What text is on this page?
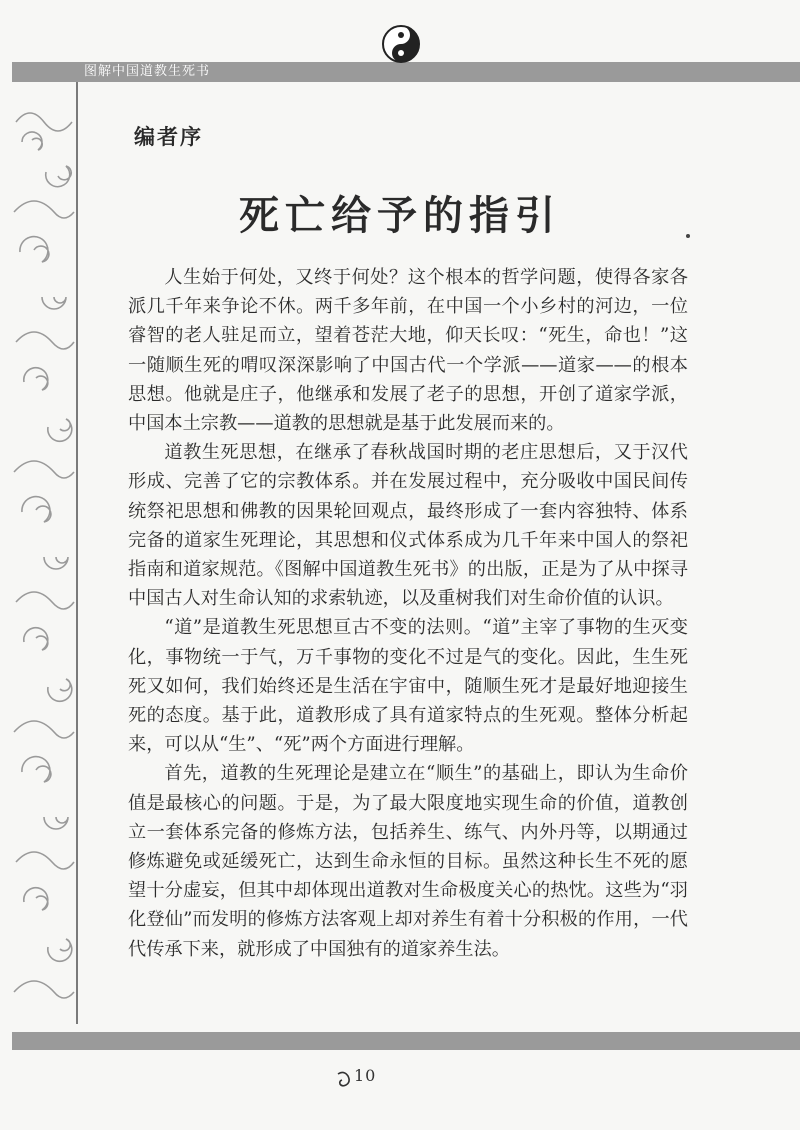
图解中国道教生死书
编者序
死亡给予的指引

人生始于何处，又终于何处？这个根本的哲学问题，使得各家各派几千年来争论不休。两千多年前，在中国一个小乡村的河边，一位睿智的老人驻足而立，望着苍茫大地，仰天长叹：“死生，命也！”这一随顺生死的喟叹深深影响了中国古代一个学派——道家——的根本思想。他就是庄子，他继承和发展了老子的思想，开创了道家学派，中国本土宗教——道教的思想就是基于此发展而来的。

道教生死思想，在继承了春秋战国时期的老庄思想后，又于汉代形成、完善了它的宗教体系。并在发展过程中，充分吸收中国民间传统祭祀思想和佛教的因果轮回观点，最终形成了一套内容独特、体系完备的道家生死理论，其思想和仪式体系成为几千年来中国人的祭祀指南和道家规范。《图解中国道教生死书》的出版，正是为了从中探寻中国古人对生命认知的求索轨迹，以及重树我们对生命价值的认识。

“道”是道教生死思想亘古不变的法则。“道”主宰了事物的生灭变化，事物统一于气，万千事物的变化不过是气的变化。因此，生生死死又如何，我们始终还是生活在宇宙中，随顺生死才是最好地迎接生死的态度。基于此，道教形成了具有道家特点的生死观。整体分析起来，可以从“生”、“死”两个方面进行理解。

首先，道教的生死理论是建立在“顺生”的基础上，即认为生命价值是最核心的问题。于是，为了最大限度地实现生命的价值，道教创立一套体系完备的修炼方法，包括养生、练气、内外丹等，以期通过修炼避免或延缓死亡，达到生命永恒的目标。虽然这种长生不死的愿望十分虚妄，但其中却体现出道教对生命极度关心的热忱。这些为“羽化登仙”而发明的修炼方法客观上却对养生有着十分积极的作用，一代代传承下来，就形成了中国独有的道家养生法。

10
